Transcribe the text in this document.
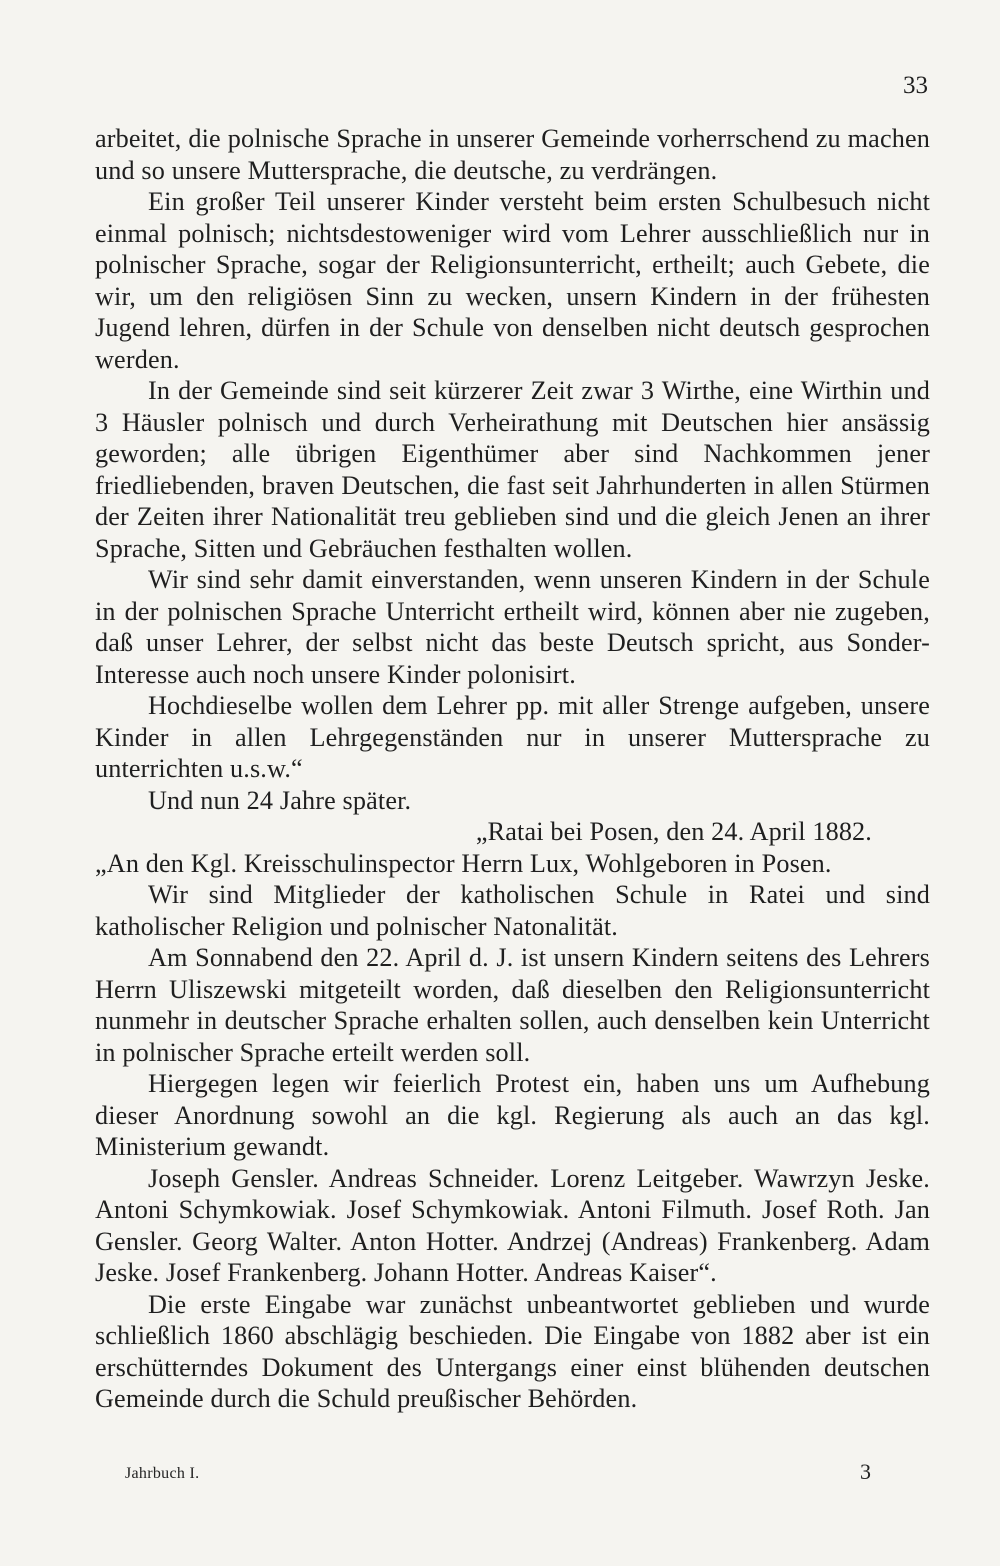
33

arbeitet, die polnische Sprache in unserer Gemeinde vorherrschend zu machen und so unsere Muttersprache, die deutsche, zu verdrängen.

Ein großer Teil unserer Kinder versteht beim ersten Schulbesuch nicht einmal polnisch; nichtsdestoweniger wird vom Lehrer ausschließlich nur in polnischer Sprache, sogar der Religionsunterricht, ertheilt; auch Gebete, die wir, um den religiösen Sinn zu wecken, unsern Kindern in der frühesten Jugend lehren, dürfen in der Schule von denselben nicht deutsch gesprochen werden.

In der Gemeinde sind seit kürzerer Zeit zwar 3 Wirthe, eine Wirthin und 3 Häusler polnisch und durch Verheirathung mit Deutschen hier ansässig geworden; alle übrigen Eigenthümer aber sind Nachkommen jener friedliebenden, braven Deutschen, die fast seit Jahrhunderten in allen Stürmen der Zeiten ihrer Nationalität treu geblieben sind und die gleich Jenen an ihrer Sprache, Sitten und Gebräuchen festhalten wollen.

Wir sind sehr damit einverstanden, wenn unseren Kindern in der Schule in der polnischen Sprache Unterricht ertheilt wird, können aber nie zugeben, daß unser Lehrer, der selbst nicht das beste Deutsch spricht, aus Sonder-Interesse auch noch unsere Kinder polonisirt.

Hochdieselbe wollen dem Lehrer pp. mit aller Strenge aufgeben, unsere Kinder in allen Lehrgegenständen nur in unserer Muttersprache zu unterrichten u.s.w.“

Und nun 24 Jahre später.

„Ratai bei Posen, den 24. April 1882.

„An den Kgl. Kreisschulinspector Herrn Lux, Wohlgeboren in Posen.

Wir sind Mitglieder der katholischen Schule in Ratei und sind katholischer Religion und polnischer Natonalität.

Am Sonnabend den 22. April d. J. ist unsern Kindern seitens des Lehrers Herrn Uliszewski mitgeteilt worden, daß dieselben den Religionsunterricht nunmehr in deutscher Sprache erhalten sollen, auch denselben kein Unterricht in polnischer Sprache erteilt werden soll.

Hiergegen legen wir feierlich Protest ein, haben uns um Aufhebung dieser Anordnung sowohl an die kgl. Regierung als auch an das kgl. Ministerium gewandt.

Joseph Gensler. Andreas Schneider. Lorenz Leitgeber. Wawrzyn Jeske. Antoni Schymkowiak. Josef Schymkowiak. Antoni Filmuth. Josef Roth. Jan Gensler. Georg Walter. Anton Hotter. Andrzej (Andreas) Frankenberg. Adam Jeske. Josef Frankenberg. Johann Hotter. Andreas Kaiser“.

Die erste Eingabe war zunächst unbeantwortet geblieben und wurde schließlich 1860 abschlägig beschieden. Die Eingabe von 1882 aber ist ein erschütterndes Dokument des Untergangs einer einst blühenden deutschen Gemeinde durch die Schuld preußischer Behörden.

Jahrbuch I.	3
